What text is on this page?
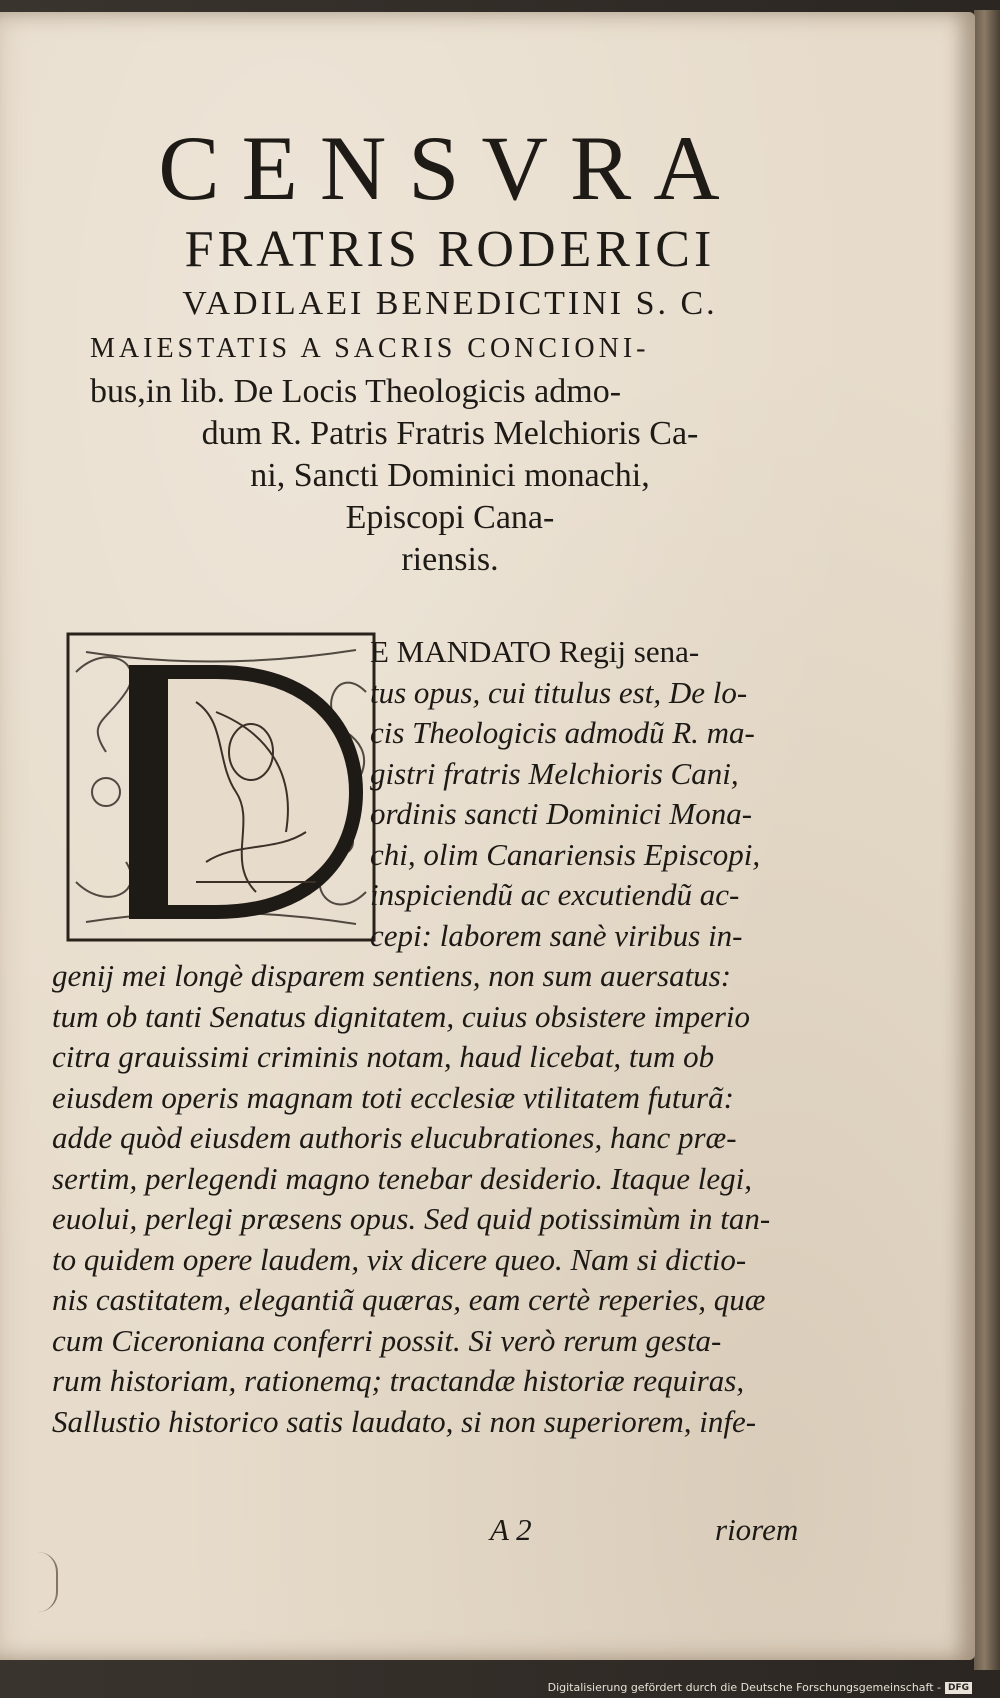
CENSVRA
FRATRIS RODERICI
VADILAEI BENEDICTINI S. C.
MAIESTATIS A SACRIS CONCIONI-
bus,in lib. De Locis Theologicis admo-
dum R. Patris Fratris Melchioris Ca-
ni, Sancti Dominici monachi,
Episcopi Cana-
riensis.
E MANDATO Regij sena-
tus opus, cui titulus est, De lo-
cis Theologicis admodũ R. ma-
gistri fratris Melchioris Cani,
ordinis sancti Dominici Mona-
chi, olim Canariensis Episcopi,
inspiciendũ ac excutiendũ ac-
cepi: laborem sanè viribus in-
genij mei longè disparem sentiens, non sum auersatus:
tum ob tanti Senatus dignitatem, cuius obsistere imperio
citra grauissimi criminis notam, haud licebat, tum ob
eiusdem operis magnam toti ecclesiæ vtilitatem futurã:
adde quòd eiusdem authoris elucubrationes, hanc præ-
sertim, perlegendi magno tenebar desiderio. Itaque legi,
euolui, perlegi præsens opus. Sed quid potissimùm in tan-
to quidem opere laudem, vix dicere queo. Nam si dictio-
nis castitatem, elegantiã quæras, eam certè reperies, quæ
cum Ciceroniana conferri possit. Si verò rerum gesta-
rum historiam, rationemq; tractandæ historiæ requiras,
Sallustio historico satis laudato, si non superiorem, infe-
A 2	riorem
Digitalisierung gefördert durch die Deutsche Forschungsgemeinschaft - DFG
